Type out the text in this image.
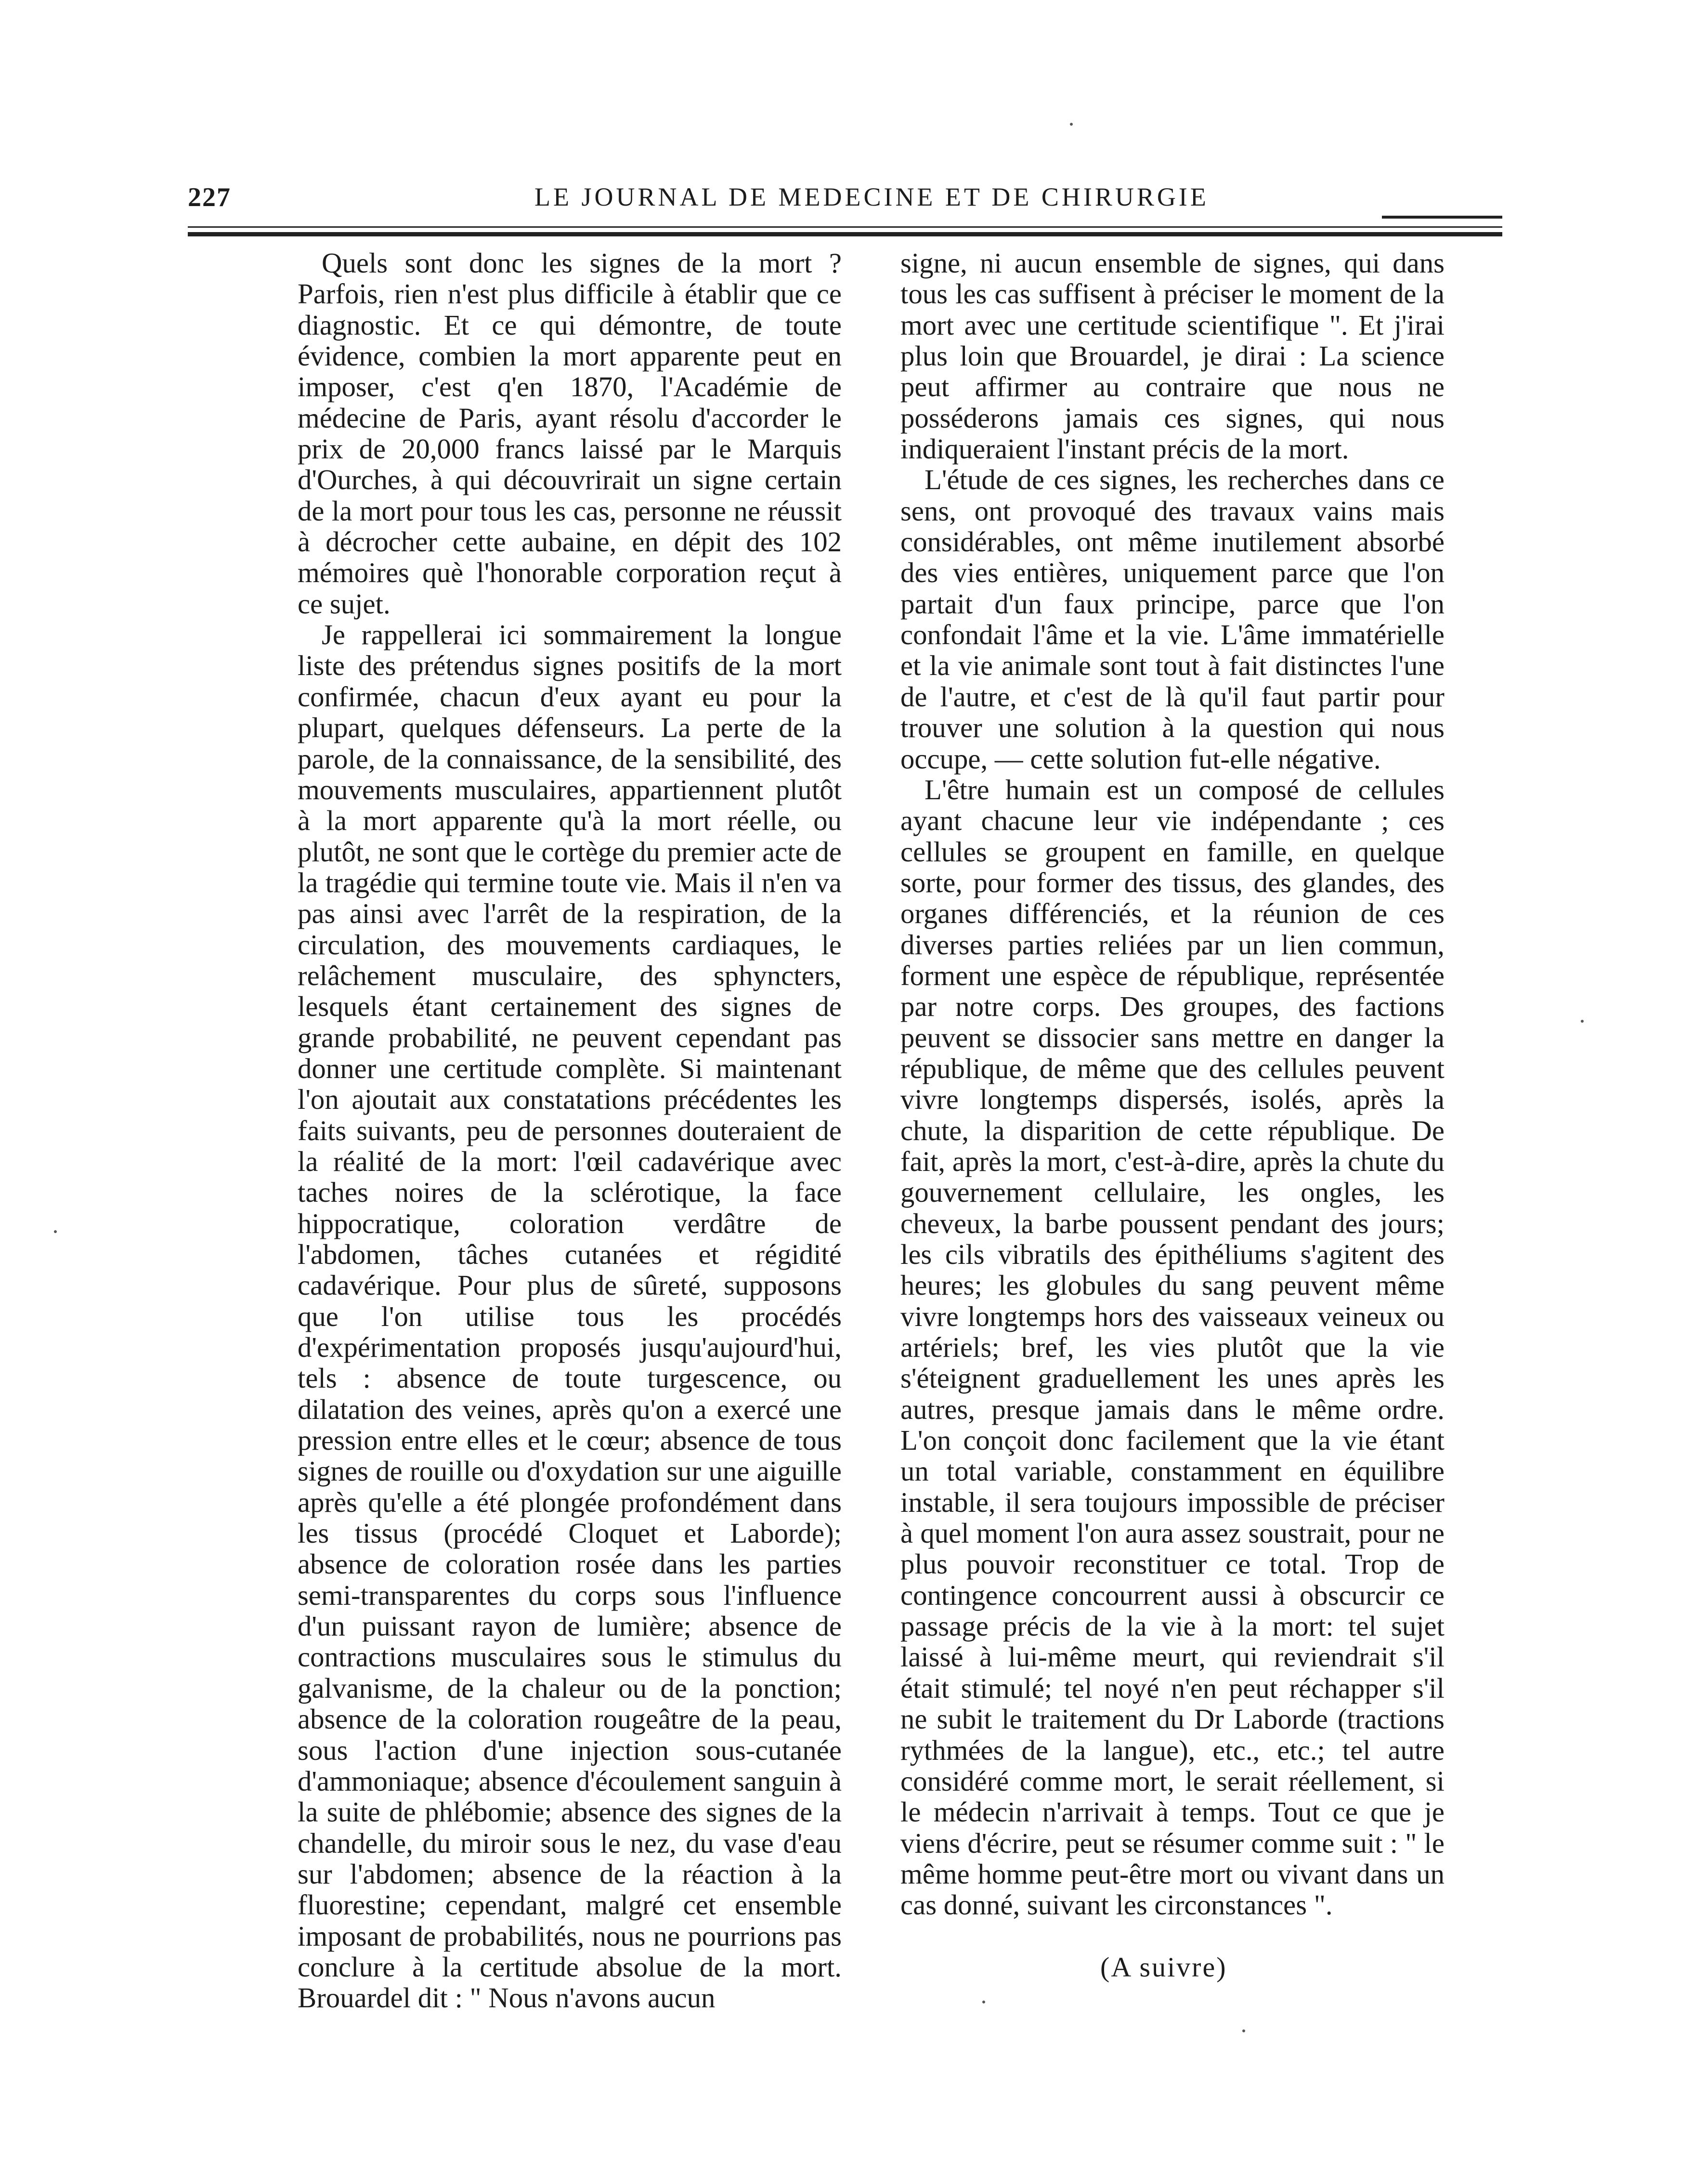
227	LE JOURNAL DE MEDECINE ET DE CHIRURGIE

Quels sont donc les signes de la mort ? Parfois, rien n'est plus difficile à établir que ce diagnostic. Et ce qui démontre, de toute évidence, combien la mort apparente peut en imposer, c'est q'en 1870, l'Académie de médecine de Paris, ayant résolu d'accorder le prix de 20,000 francs laissé par le Marquis d'Ourches, à qui découvrirait un signe certain de la mort pour tous les cas, personne ne réussit à décrocher cette aubaine, en dépit des 102 mémoires què l'honorable corporation reçut à ce sujet.

Je rappellerai ici sommairement la longue liste des prétendus signes positifs de la mort confirmée, chacun d'eux ayant eu pour la plupart, quelques défenseurs. La perte de la parole, de la connaissance, de la sensibilité, des mouvements musculaires, appartiennent plutôt à la mort apparente qu'à la mort réelle, ou plutôt, ne sont que le cortège du premier acte de la tragédie qui termine toute vie. Mais il n'en va pas ainsi avec l'arrêt de la respiration, de la circulation, des mouvements cardiaques, le relâchement musculaire, des sphyncters, lesquels étant certainement des signes de grande probabilité, ne peuvent cependant pas donner une certitude complète. Si maintenant l'on ajoutait aux constatations précédentes les faits suivants, peu de personnes douteraient de la réalité de la mort: l'œil cadavérique avec taches noires de la sclérotique, la face hippocratique, coloration verdâtre de l'abdomen, tâches cutanées et régidité cadavérique. Pour plus de sûreté, supposons que l'on utilise tous les procédés d'expérimentation proposés jusqu'aujourd'hui, tels : absence de toute turgescence, ou dilatation des veines, après qu'on a exercé une pression entre elles et le cœur; absence de tous signes de rouille ou d'oxydation sur une aiguille après qu'elle a été plongée profondément dans les tissus (procédé Cloquet et Laborde); absence de coloration rosée dans les parties semi-transparentes du corps sous l'influence d'un puissant rayon de lumière; absence de contractions musculaires sous le stimulus du galvanisme, de la chaleur ou de la ponction; absence de la coloration rougeâtre de la peau, sous l'action d'une injection sous-cutanée d'ammoniaque; absence d'écoulement sanguin à la suite de phlébomie; absence des signes de la chandelle, du miroir sous le nez, du vase d'eau sur l'abdomen; absence de la réaction à la fluorestine; cependant, malgré cet ensemble imposant de probabilités, nous ne pourrions pas conclure à la certitude absolue de la mort. Brouardel dit : " Nous n'avons aucun

signe, ni aucun ensemble de signes, qui dans tous les cas suffisent à préciser le moment de la mort avec une certitude scientifique ". Et j'irai plus loin que Brouardel, je dirai : La science peut affirmer au contraire que nous ne posséderons jamais ces signes, qui nous indiqueraient l'instant précis de la mort.

L'étude de ces signes, les recherches dans ce sens, ont provoqué des travaux vains mais considérables, ont même inutilement absorbé des vies entières, uniquement parce que l'on partait d'un faux principe, parce que l'on confondait l'âme et la vie. L'âme immatérielle et la vie animale sont tout à fait distinctes l'une de l'autre, et c'est de là qu'il faut partir pour trouver une solution à la question qui nous occupe, — cette solution fut-elle négative.

L'être humain est un composé de cellules ayant chacune leur vie indépendante ; ces cellules se groupent en famille, en quelque sorte, pour former des tissus, des glandes, des organes différenciés, et la réunion de ces diverses parties reliées par un lien commun, forment une espèce de république, représentée par notre corps. Des groupes, des factions peuvent se dissocier sans mettre en danger la république, de même que des cellules peuvent vivre longtemps dispersés, isolés, après la chute, la disparition de cette république. De fait, après la mort, c'est-à-dire, après la chute du gouvernement cellulaire, les ongles, les cheveux, la barbe poussent pendant des jours; les cils vibratils des épithéliums s'agitent des heures; les globules du sang peuvent même vivre longtemps hors des vaisseaux veineux ou artériels; bref, les vies plutôt que la vie s'éteignent graduellement les unes après les autres, presque jamais dans le même ordre. L'on conçoit donc facilement que la vie étant un total variable, constamment en équilibre instable, il sera toujours impossible de préciser à quel moment l'on aura assez soustrait, pour ne plus pouvoir reconstituer ce total. Trop de contingence concourrent aussi à obscurcir ce passage précis de la vie à la mort: tel sujet laissé à lui-même meurt, qui reviendrait s'il était stimulé; tel noyé n'en peut réchapper s'il ne subit le traitement du Dr Laborde (tractions rythmées de la langue), etc., etc.; tel autre considéré comme mort, le serait réellement, si le médecin n'arrivait à temps. Tout ce que je viens d'écrire, peut se résumer comme suit : " le même homme peut-être mort ou vivant dans un cas donné, suivant les circonstances ".

(A suivre)
